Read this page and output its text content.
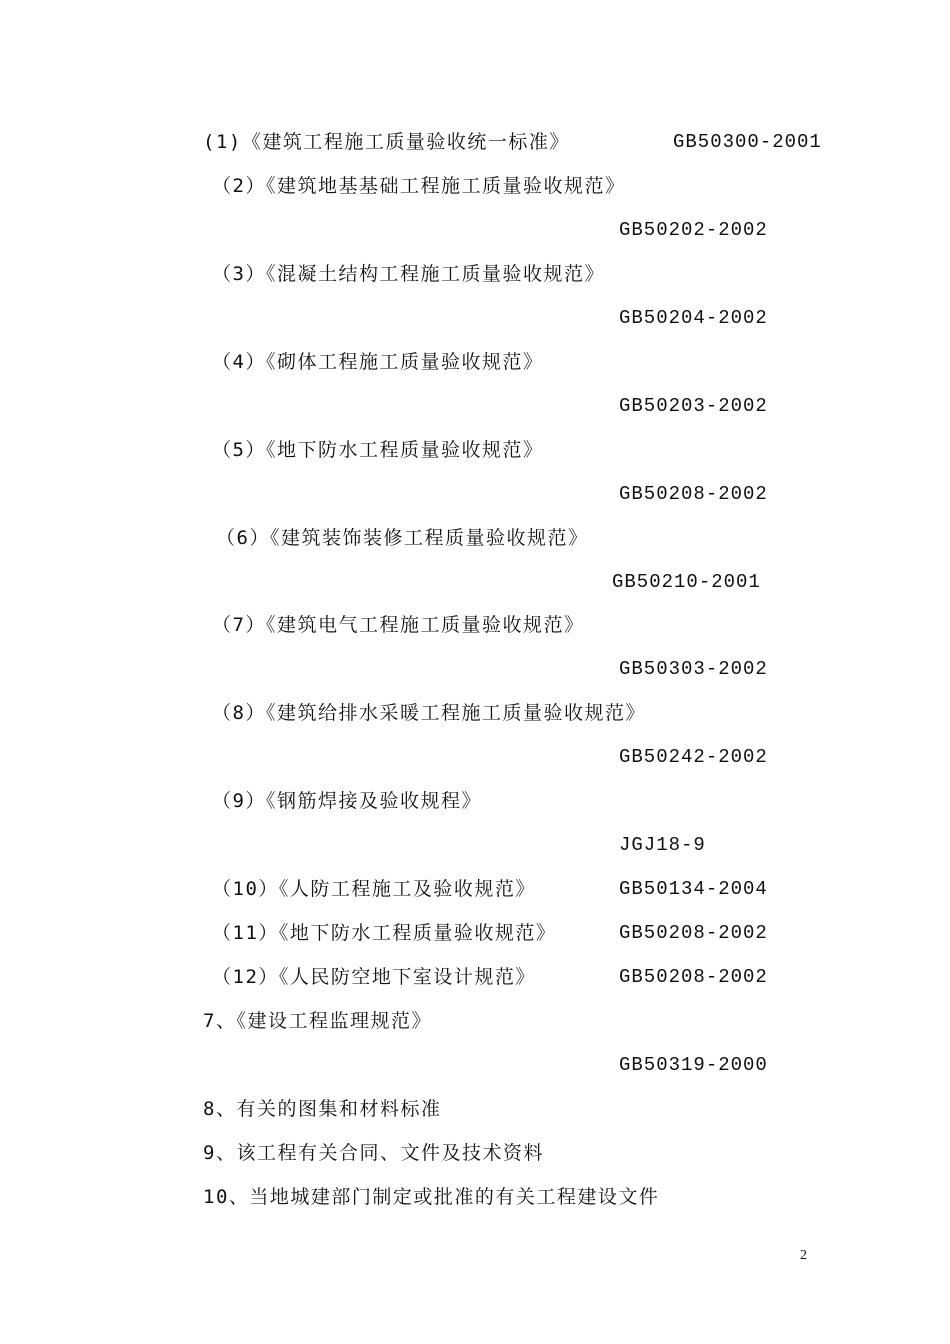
(1)《建筑工程施工质量验收统一标准》	GB50300-2001
（2）《建筑地基基础工程施工质量验收规范》
GB50202-2002
（3）《混凝土结构工程施工质量验收规范》
GB50204-2002
（4）《砌体工程施工质量验收规范》
GB50203-2002
（5）《地下防水工程质量验收规范》
GB50208-2002
（6）《建筑装饰装修工程质量验收规范》
GB50210-2001
（7）《建筑电气工程施工质量验收规范》
GB50303-2002
（8）《建筑给排水采暖工程施工质量验收规范》
GB50242-2002
（9）《钢筋焊接及验收规程》
JGJ18-9
（10）《人防工程施工及验收规范》	GB50134-2004
（11）《地下防水工程质量验收规范》	GB50208-2002
（12）《人民防空地下室设计规范》	GB50208-2002
7、《建设工程监理规范》
GB50319-2000
8、有关的图集和材料标准
9、该工程有关合同、文件及技术资料
10、当地城建部门制定或批准的有关工程建设文件
2
